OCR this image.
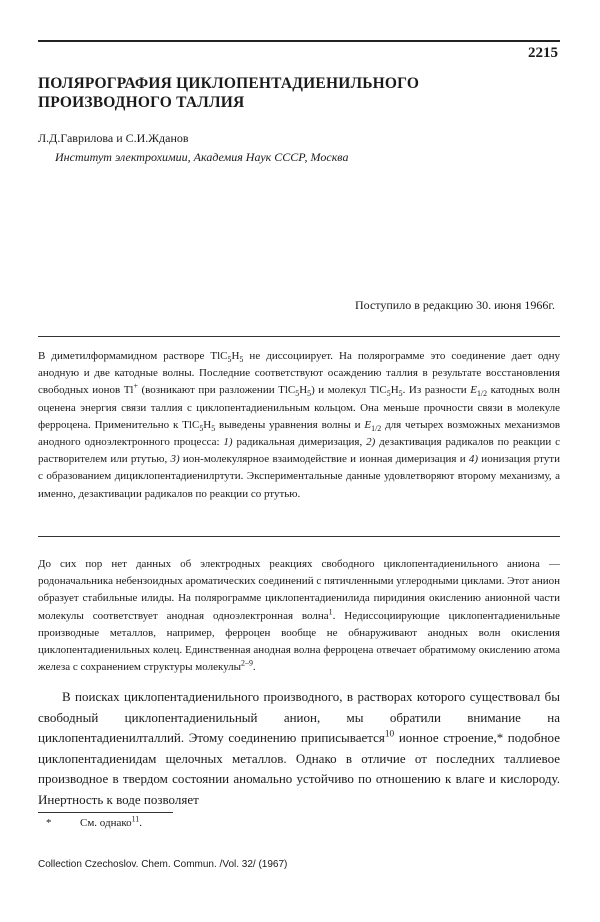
2215
ПОЛЯРОГРАФИЯ ЦИКЛОПЕНТАДИЕНИЛЬНОГО
ПРОИЗВОДНОГО ТАЛЛИЯ
Л.Д.Гаврилова и С.И.Жданов
Институт электрохимии, Академия Наук СССР, Москва
Поступило в редакцию 30. июня 1966г.

В диметилформамидном растворе $TlC_5H_5$ не диссоциирует. На полярограмме это соединение дает одну анодную и две катодные волны. Последние соответствуют осаждению таллия в результате восстановления свободных ионов Tl+ (возникают при разложении $TlC_5H_5$) и молекул $TlC_5H_5$. Из разности $E_{1/2}$ катодных волн оценена энергия связи таллия с циклопентадиенильным кольцом. Она меньше прочности связи в молекуле ферроцена. Применительно к $TlC_5H_5$ выведены уравнения волны и $E_{1/2}$ для четырех возможных механизмов анодного одноэлектронного процесса: 1) радикальная димеризация, 2) дезактивация радикалов по реакции с растворителем или ртутью, 3) ион-молекулярное взаимодействие и ионная димеризация и 4) ионизация ртути с образованием дициклопентадиенилртути. Экспериментальные данные удовлетворяют второму механизму, а именно, дезактивации радикалов по реакции со ртутью.

До сих пор нет данных об электродных реакциях свободного циклопентадиенильного аниона — родоначальника небензоидных ароматических соединений с пятичленными углеродными циклами. Этот анион образует стабильные илиды. На полярограмме циклопентадиенилида пиридиния окислению анионной части молекулы соответствует анодная одноэлектронная волна$^1$. Недиссоциирующие циклопентадиенильные производные металлов, например, ферроцен вообще не обнаруживают анодных волн окисления циклопентадиенильных колец. Единственная анодная волна ферроцена отвечает обратимому окислению атома железа с сохранением структуры молекулы$^{2-9}$.

В поисках циклопентадиенильного производного, в растворах которого существовал бы свободный циклопентадиенильный анион, мы обратили внимание на циклопентадиенилталлий. Этому соединению приписывается$^{10}$ ионное строение,* подобное циклопентадиенидам щелочных металлов. Однако в отличие от последних таллиевое производное в твердом состоянии аномально устойчиво по отношению к влаге и кислороду. Инертность к воде позволяет

*	См. однако$^{11}$.
Collection Czechoslov. Chem. Commun. /Vol. 32/ (1967)
